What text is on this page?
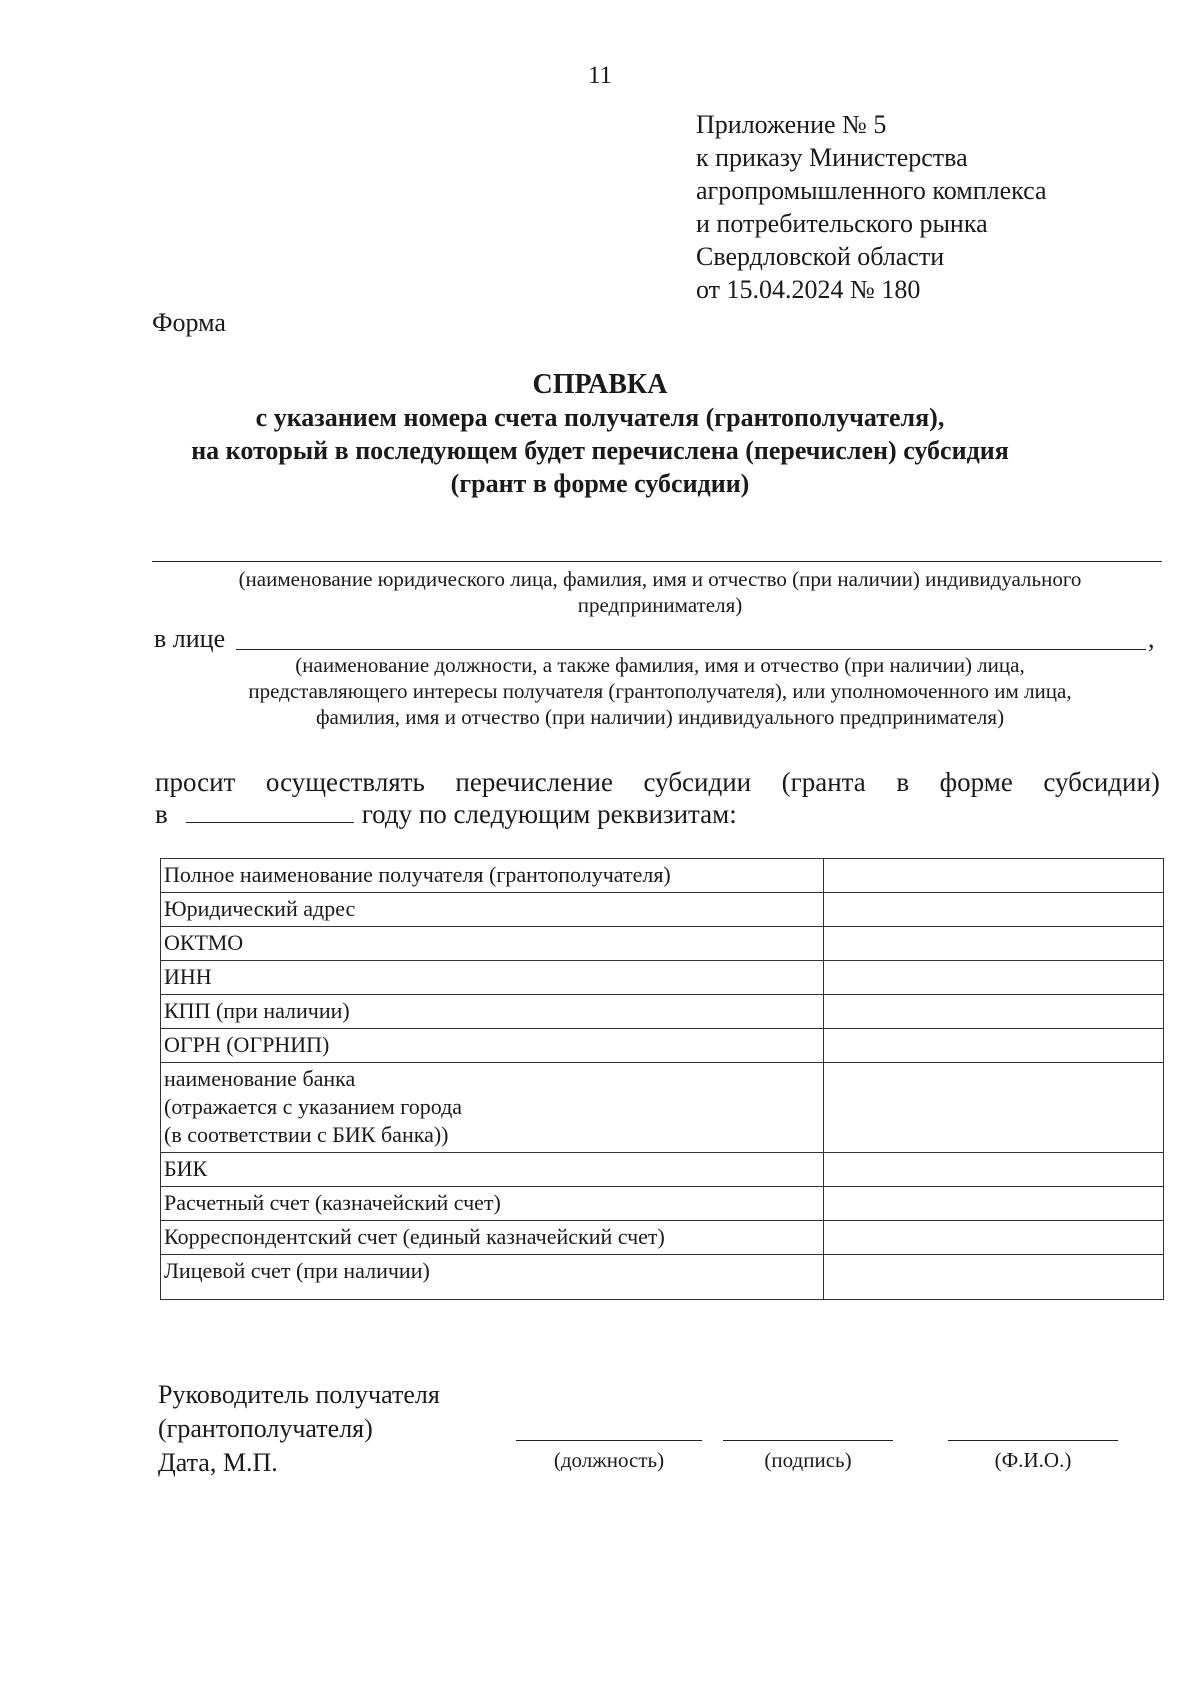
11
Приложение № 5
к приказу Министерства
агропромышленного комплекса
и потребительского рынка
Свердловской области
от 15.04.2024 № 180
Форма
СПРАВКА
с указанием номера счета получателя (грантополучателя),
на который в последующем будет перечислена (перечислен) субсидия
(грант в форме субсидии)
(наименование юридического лица, фамилия, имя и отчество (при наличии) индивидуального
предпринимателя)
в лице	,
(наименование должности, а также фамилия, имя и отчество (при наличии) лица,
представляющего интересы получателя (грантополучателя), или уполномоченного им лица,
фамилия, имя и отчество (при наличии) индивидуального предпринимателя)
просит осуществлять перечисление субсидии (гранта в форме субсидии)
в	году по следующим реквизитам:
Полное наименование получателя (грантополучателя)	

Юридический адрес	

ОКТМО	

ИНН	

КПП (при наличии)	

ОГРН (ОГРНИП)	

наименование банка
(отражается с указанием города
(в соответствии с БИК банка))	

БИК	

Расчетный счет (казначейский счет)	

Корреспондентский счет (единый казначейский счет)	

Лицевой счет (при наличии)	

Руководитель получателя
(грантополучателя)
Дата, М.П.	(должность)	(подпись)	(Ф.И.О.)
